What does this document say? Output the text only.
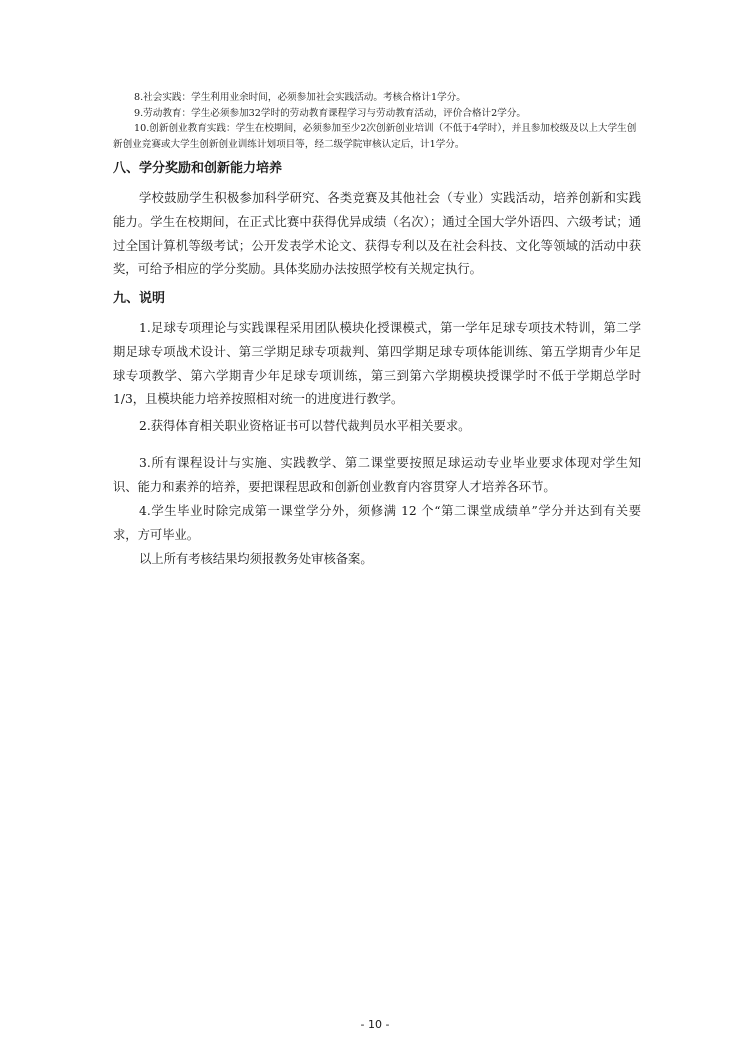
8.社会实践：学生利用业余时间，必须参加社会实践活动。考核合格计1学分。

9.劳动教育：学生必须参加32学时的劳动教育课程学习与劳动教育活动，评价合格计2学分。

10.创新创业教育实践：学生在校期间，必须参加至少2次创新创业培训（不低于4学时），并且参加校级及以上大学生创新创业竞赛或大学生创新创业训练计划项目等，经二级学院审核认定后，计1学分。

八、学分奖励和创新能力培养

学校鼓励学生积极参加科学研究、各类竞赛及其他社会（专业）实践活动，培养创新和实践能力。学生在校期间，在正式比赛中获得优异成绩（名次）；通过全国大学外语四、六级考试；通过全国计算机等级考试；公开发表学术论文、获得专利以及在社会科技、文化等领域的活动中获奖，可给予相应的学分奖励。具体奖励办法按照学校有关规定执行。

九、说明

1.足球专项理论与实践课程采用团队模块化授课模式，第一学年足球专项技术特训，第二学期足球专项战术设计、第三学期足球专项裁判、第四学期足球专项体能训练、第五学期青少年足球专项教学、第六学期青少年足球专项训练，第三到第六学期模块授课学时不低于学期总学时 1/3，且模块能力培养按照相对统一的进度进行教学。

2.获得体育相关职业资格证书可以替代裁判员水平相关要求。

3.所有课程设计与实施、实践教学、第二课堂要按照足球运动专业毕业要求体现对学生知识、能力和素养的培养，要把课程思政和创新创业教育内容贯穿人才培养各环节。

4.学生毕业时除完成第一课堂学分外，须修满 12 个“第二课堂成绩单”学分并达到有关要求，方可毕业。

以上所有考核结果均须报教务处审核备案。

- 10 -
